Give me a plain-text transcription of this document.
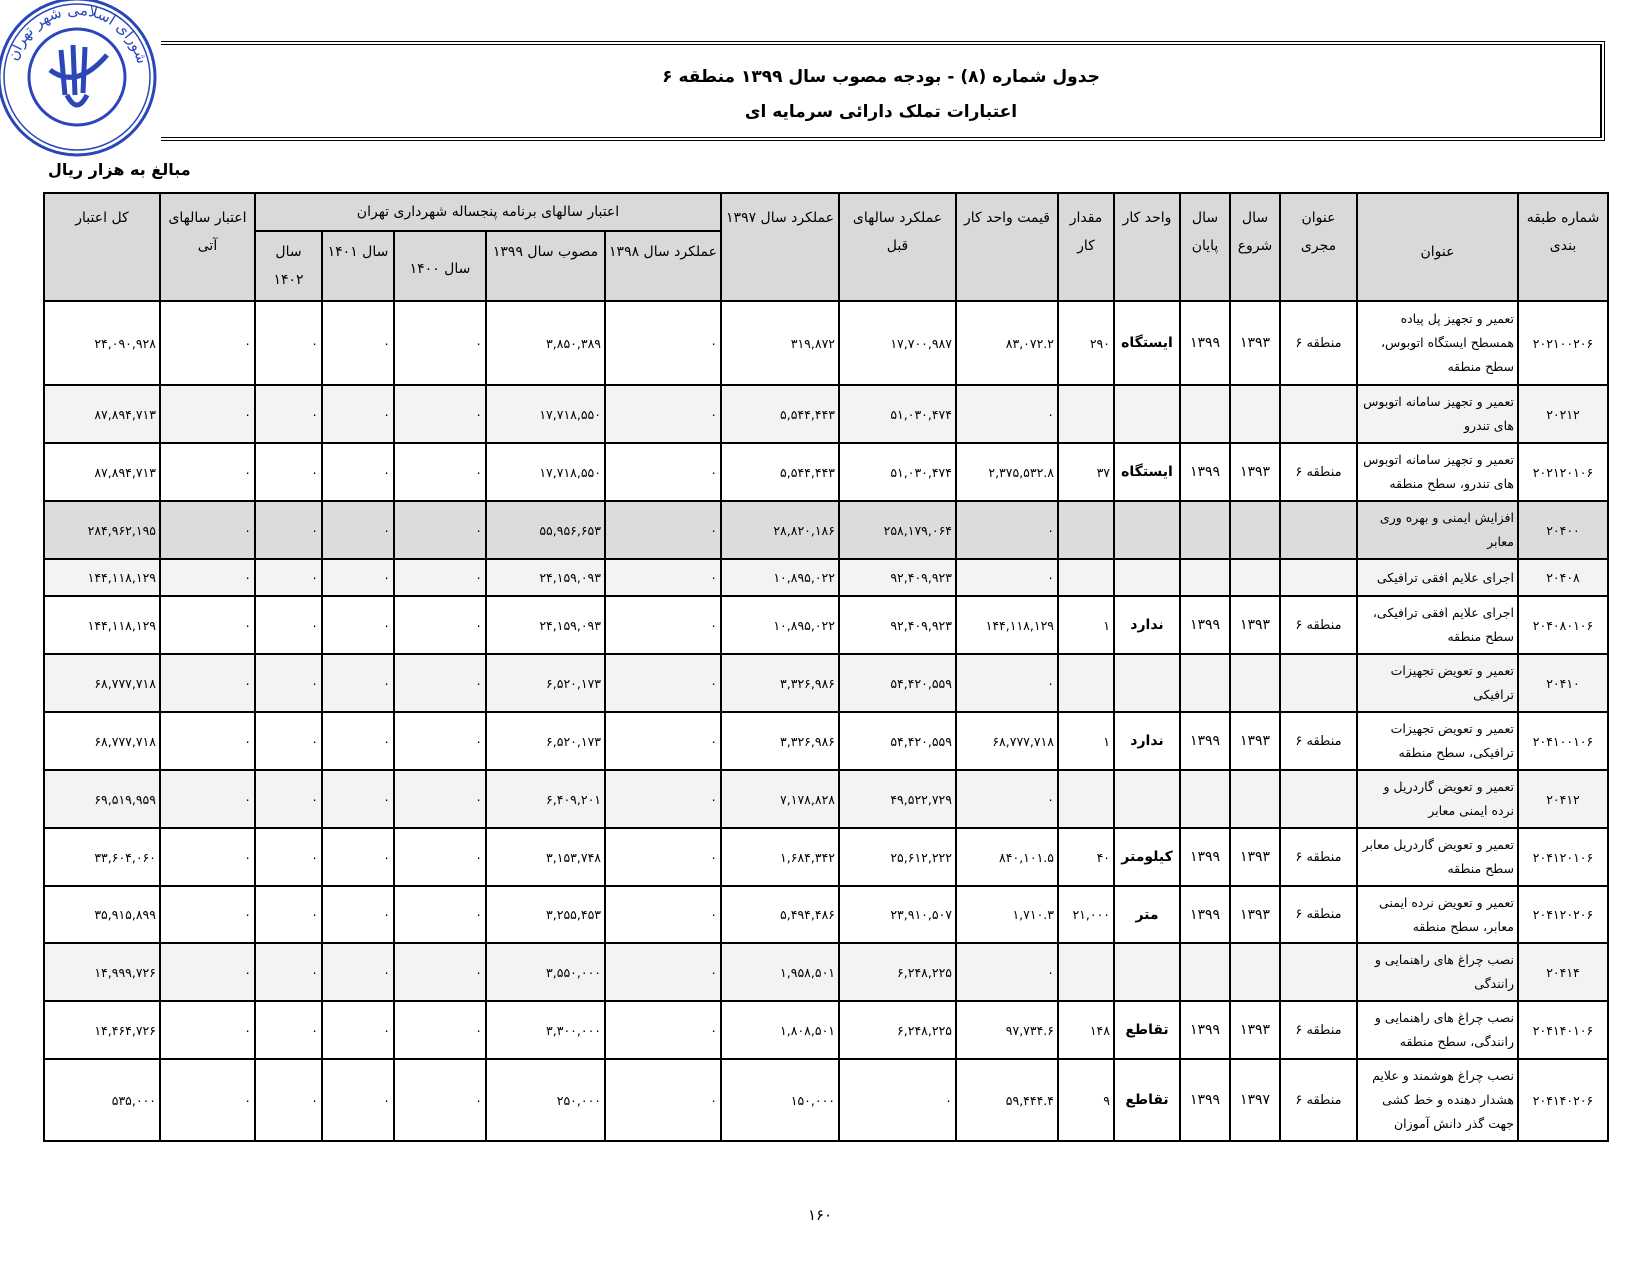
شورای اسلامی شهر تهران
جدول شماره (۸) - بودجه مصوب سال ۱۳۹۹ منطقه ۶
اعتبارات تملک دارائی سرمایه ای
مبالغ به هزار ریال
شماره طبقه بندی	عنوان	عنوان مجری	سال شروع	سال پایان	واحد کار	مقدار کار	قیمت واحد کار	عملکرد سالهای قبل	عملکرد سال ۱۳۹۷	اعتبار سالهای برنامه پنجساله شهرداری تهران					اعتبار سالهای آتی	کل اعتبار
										عملکرد سال ۱۳۹۸	مصوب سال ۱۳۹۹	سال ۱۴۰۰	سال ۱۴۰۱	سال ۱۴۰۲		
۲۰۲۱۰۰۲۰۶	تعمیر و تجهیز پل پیاده همسطح ایستگاه اتوبوس، سطح منطقه	منطقه ۶	۱۳۹۳	۱۳۹۹	ایستگاه	۲۹۰	۸۳,۰۷۲.۲	۱۷,۷۰۰,۹۸۷	۳۱۹,۸۷۲	۰	۳,۸۵۰,۳۸۹	۰	۰	۰	۰	۲۴,۰۹۰,۹۲۸

۲۰۲۱۲	تعمیر و تجهیز سامانه اتوبوس های تندرو						۰	۵۱,۰۳۰,۴۷۴	۵,۵۴۴,۴۴۳	۰	۱۷,۷۱۸,۵۵۰	۰	۰	۰	۰	۸۷,۸۹۴,۷۱۳

۲۰۲۱۲۰۱۰۶	تعمیر و تجهیز سامانه اتوبوس های تندرو، سطح منطقه	منطقه ۶	۱۳۹۳	۱۳۹۹	ایستگاه	۳۷	۲,۳۷۵,۵۳۲.۸	۵۱,۰۳۰,۴۷۴	۵,۵۴۴,۴۴۳	۰	۱۷,۷۱۸,۵۵۰	۰	۰	۰	۰	۸۷,۸۹۴,۷۱۳

۲۰۴۰۰	افزایش ایمنی و بهره وری معابر						۰	۲۵۸,۱۷۹,۰۶۴	۲۸,۸۲۰,۱۸۶	۰	۵۵,۹۵۶,۶۵۳	۰	۰	۰	۰	۲۸۴,۹۶۲,۱۹۵

۲۰۴۰۸	اجرای علایم افقی ترافیکی						۰	۹۲,۴۰۹,۹۲۳	۱۰,۸۹۵,۰۲۲	۰	۲۴,۱۵۹,۰۹۳	۰	۰	۰	۰	۱۴۴,۱۱۸,۱۲۹

۲۰۴۰۸۰۱۰۶	اجرای علایم افقی ترافیکی، سطح منطقه	منطقه ۶	۱۳۹۳	۱۳۹۹	ندارد	۱	۱۴۴,۱۱۸,۱۲۹	۹۲,۴۰۹,۹۲۳	۱۰,۸۹۵,۰۲۲	۰	۲۴,۱۵۹,۰۹۳	۰	۰	۰	۰	۱۴۴,۱۱۸,۱۲۹

۲۰۴۱۰	تعمیر و تعویض تجهیزات ترافیکی						۰	۵۴,۴۲۰,۵۵۹	۳,۳۲۶,۹۸۶	۰	۶,۵۲۰,۱۷۳	۰	۰	۰	۰	۶۸,۷۷۷,۷۱۸

۲۰۴۱۰۰۱۰۶	تعمیر و تعویض تجهیزات ترافیکی، سطح منطقه	منطقه ۶	۱۳۹۳	۱۳۹۹	ندارد	۱	۶۸,۷۷۷,۷۱۸	۵۴,۴۲۰,۵۵۹	۳,۳۲۶,۹۸۶	۰	۶,۵۲۰,۱۷۳	۰	۰	۰	۰	۶۸,۷۷۷,۷۱۸

۲۰۴۱۲	تعمیر و تعویض گاردریل و نرده ایمنی معابر						۰	۴۹,۵۲۲,۷۲۹	۷,۱۷۸,۸۲۸	۰	۶,۴۰۹,۲۰۱	۰	۰	۰	۰	۶۹,۵۱۹,۹۵۹

۲۰۴۱۲۰۱۰۶	تعمیر و تعویض گاردریل معابر سطح منطقه	منطقه ۶	۱۳۹۳	۱۳۹۹	کیلومتر	۴۰	۸۴۰,۱۰۱.۵	۲۵,۶۱۲,۲۲۲	۱,۶۸۴,۳۴۲	۰	۳,۱۵۳,۷۴۸	۰	۰	۰	۰	۳۳,۶۰۴,۰۶۰

۲۰۴۱۲۰۲۰۶	تعمیر و تعویض نرده ایمنی معابر، سطح منطقه	منطقه ۶	۱۳۹۳	۱۳۹۹	متر	۲۱,۰۰۰	۱,۷۱۰.۳	۲۳,۹۱۰,۵۰۷	۵,۴۹۴,۴۸۶	۰	۳,۲۵۵,۴۵۳	۰	۰	۰	۰	۳۵,۹۱۵,۸۹۹

۲۰۴۱۴	نصب چراغ های راهنمایی و رانندگی						۰	۶,۲۴۸,۲۲۵	۱,۹۵۸,۵۰۱	۰	۳,۵۵۰,۰۰۰	۰	۰	۰	۰	۱۴,۹۹۹,۷۲۶

۲۰۴۱۴۰۱۰۶	نصب چراغ های راهنمایی و رانندگی، سطح منطقه	منطقه ۶	۱۳۹۳	۱۳۹۹	تقاطع	۱۴۸	۹۷,۷۳۴.۶	۶,۲۴۸,۲۲۵	۱,۸۰۸,۵۰۱	۰	۳,۳۰۰,۰۰۰	۰	۰	۰	۰	۱۴,۴۶۴,۷۲۶

۲۰۴۱۴۰۲۰۶	نصب چراغ هوشمند و علایم هشدار دهنده و خط کشی جهت گذر دانش آموزان	منطقه ۶	۱۳۹۷	۱۳۹۹	تقاطع	۹	۵۹,۴۴۴.۴	۰	۱۵۰,۰۰۰	۰	۲۵۰,۰۰۰	۰	۰	۰	۰	۵۳۵,۰۰۰
۱۶۰
